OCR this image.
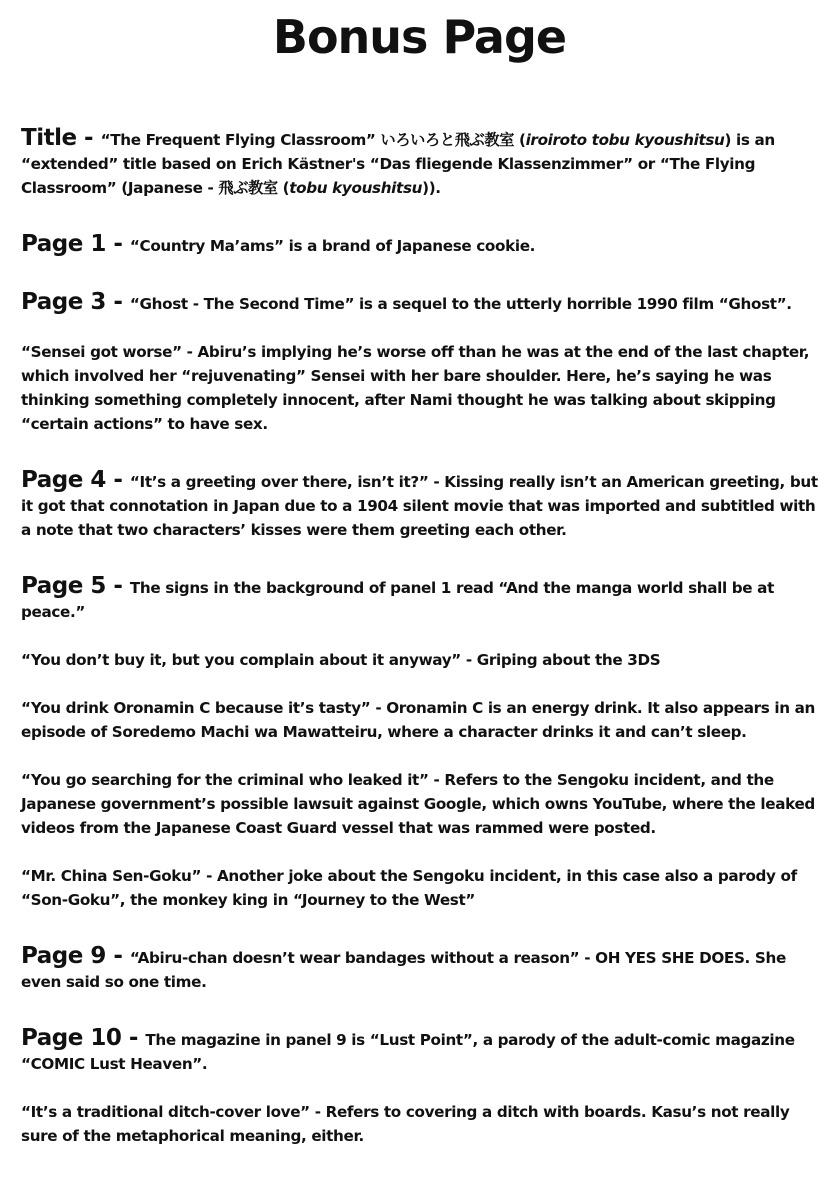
Bonus Page

Title - “The Frequent Flying Classroom” いろいろと飛ぶ教室 (iroiroto tobu kyoushitsu) is an “extended” title based on Erich Kästner's “Das fliegende Klassenzimmer” or “The Flying Classroom” (Japanese - 飛ぶ教室 (tobu kyoushitsu)).

Page 1 - “Country Ma’ams” is a brand of Japanese cookie.

Page 3 - “Ghost - The Second Time” is a sequel to the utterly horrible 1990 film “Ghost”.

“Sensei got worse” - Abiru’s implying he’s worse off than he was at the end of the last chapter, which involved her “rejuvenating” Sensei with her bare shoulder. Here, he’s saying he was thinking something completely innocent, after Nami thought he was talking about skipping “certain actions” to have sex.

Page 4 - “It’s a greeting over there, isn’t it?” - Kissing really isn’t an American greeting, but it got that connotation in Japan due to a 1904 silent movie that was imported and subtitled with a note that two characters’ kisses were them greeting each other.

Page 5 - The signs in the background of panel 1 read “And the manga world shall be at peace.”

“You don’t buy it, but you complain about it anyway” - Griping about the 3DS

“You drink Oronamin C because it’s tasty” - Oronamin C is an energy drink. It also appears in an episode of Soredemo Machi wa Mawatteiru, where a character drinks it and can’t sleep.

“You go searching for the criminal who leaked it” - Refers to the Sengoku incident, and the Japanese government’s possible lawsuit against Google, which owns YouTube, where the leaked videos from the Japanese Coast Guard vessel that was rammed were posted.

“Mr. China Sen-Goku” - Another joke about the Sengoku incident, in this case also a parody of “Son-Goku”, the monkey king in “Journey to the West”

Page 9 - “Abiru-chan doesn’t wear bandages without a reason” - OH YES SHE DOES. She even said so one time.

Page 10 - The magazine in panel 9 is “Lust Point”, a parody of the adult-comic magazine “COMIC Lust Heaven”.

“It’s a traditional ditch-cover love” - Refers to covering a ditch with boards. Kasu’s not really sure of the metaphorical meaning, either.
